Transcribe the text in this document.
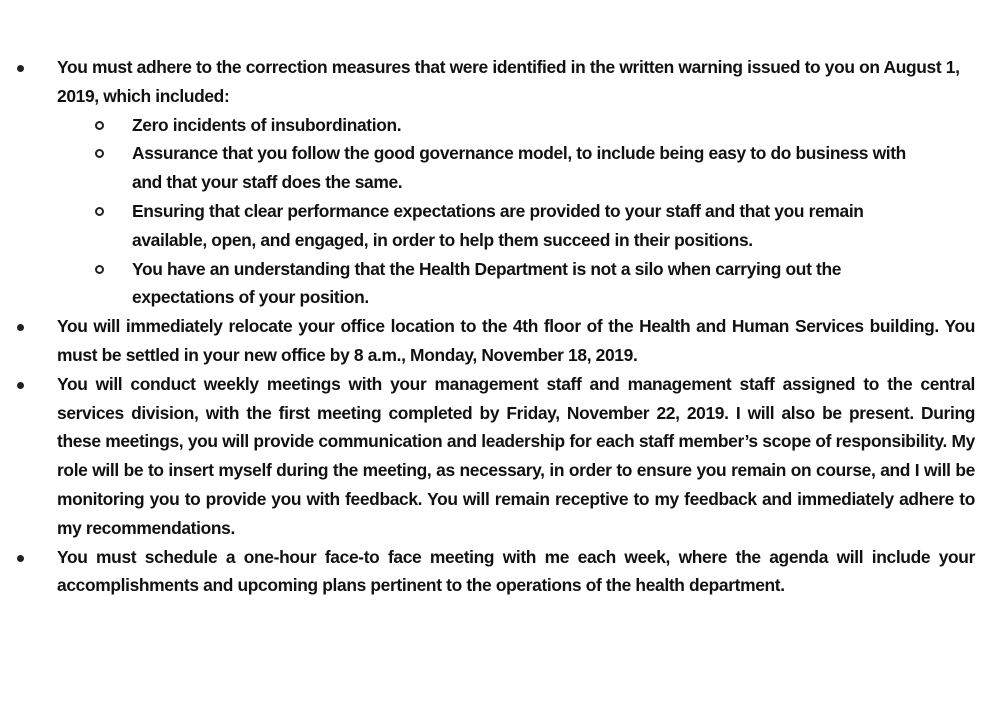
You must adhere to the correction measures that were identified in the written warning issued to you on August 1, 2019, which included:
Zero incidents of insubordination.
Assurance that you follow the good governance model, to include being easy to do business with and that your staff does the same.
Ensuring that clear performance expectations are provided to your staff and that you remain available, open, and engaged, in order to help them succeed in their positions.
You have an understanding that the Health Department is not a silo when carrying out the expectations of your position.
You will immediately relocate your office location to the 4th floor of the Health and Human Services building. You must be settled in your new office by 8 a.m., Monday, November 18, 2019.
You will conduct weekly meetings with your management staff and management staff assigned to the central services division, with the first meeting completed by Friday, November 22, 2019. I will also be present. During these meetings, you will provide communication and leadership for each staff member’s scope of responsibility. My role will be to insert myself during the meeting, as necessary, in order to ensure you remain on course, and I will be monitoring you to provide you with feedback. You will remain receptive to my feedback and immediately adhere to my recommendations.
You must schedule a one-hour face-to face meeting with me each week, where the agenda will include your accomplishments and upcoming plans pertinent to the operations of the health department.
